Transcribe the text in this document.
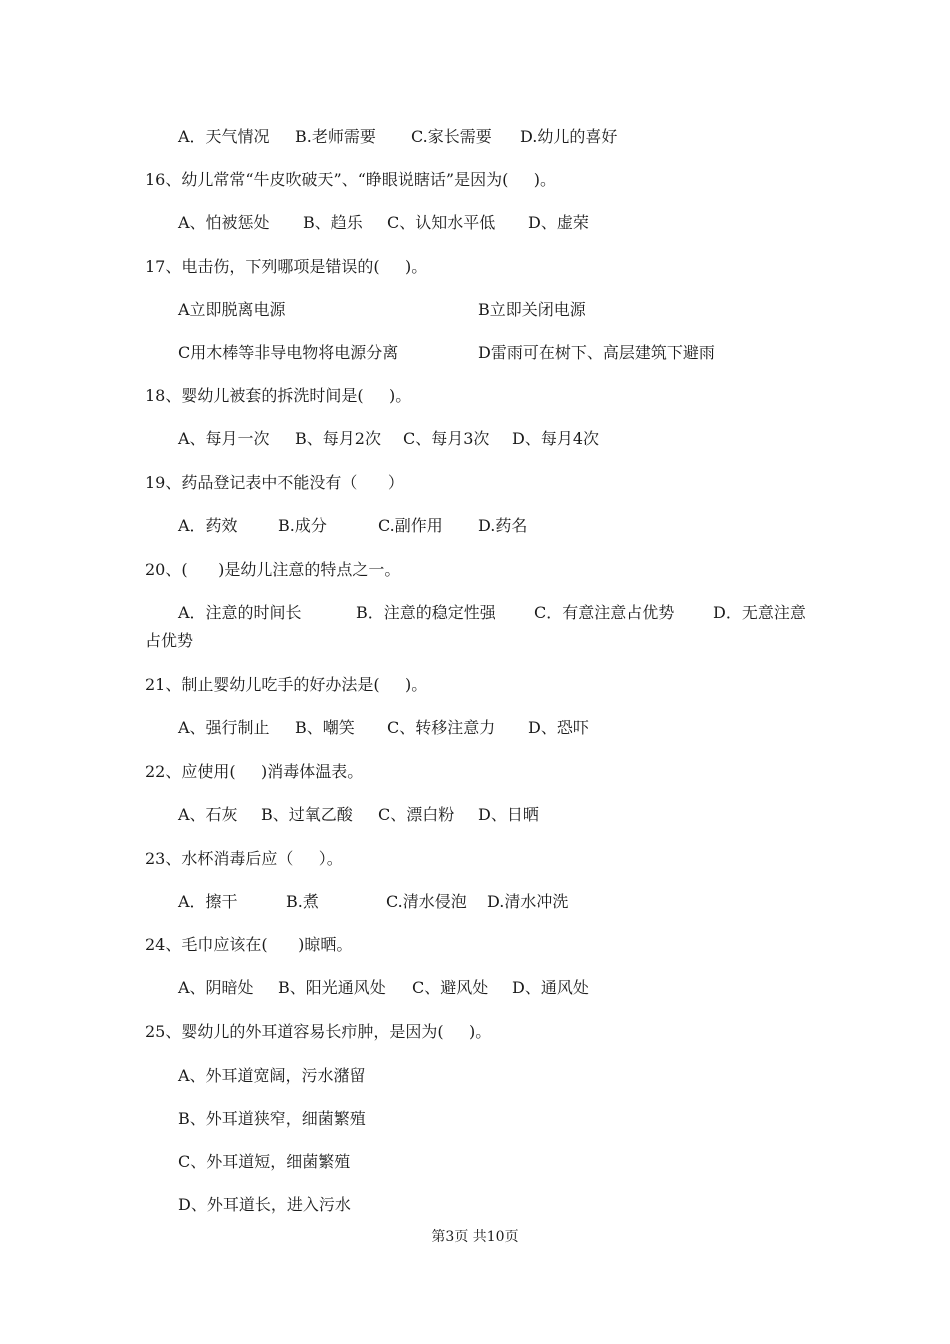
A．天气情况 B.老师需要 C.家长需要 D.幼儿的喜好
16、幼儿常常“牛皮吹破天”、“睁眼说瞎话”是因为(     )。
A、怕被惩处 B、趋乐 C、认知水平低 D、虚荣
17、电击伤，下列哪项是错误的(     )。
A立即脱离电源	B立即关闭电源
C用木棒等非导电物将电源分离	D雷雨可在树下、高层建筑下避雨
18、婴幼儿被套的拆洗时间是(     )。
A、每月一次 B、每月2次 C、每月3次 D、每月4次
19、药品登记表中不能没有（      ）
A．药效	B.成分	C.副作用 D.药名
20、(      )是幼儿注意的特点之一。
A．注意的时间长	B．注意的稳定性强 C．有意注意占优势 D．无意注意
占优势
21、制止婴幼儿吃手的好办法是(     )。
A、强行制止 B、嘲笑 C、转移注意力 D、恐吓
22、应使用(     )消毒体温表。
A、石灰 B、过氧乙酸 C、漂白粉 D、日晒
23、水杯消毒后应（     ）。
A．擦干	B.煮	C.清水侵泡 D.清水冲洗
24、毛巾应该在(      )晾晒。
A、阴暗处 B、阳光通风处 C、避风处 D、通风处
25、婴幼儿的外耳道容易长疖肿，是因为(     )。
A、外耳道宽阔，污水潴留
B、外耳道狭窄，细菌繁殖
C、外耳道短，细菌繁殖
D、外耳道长，进入污水
第3页 共10页
